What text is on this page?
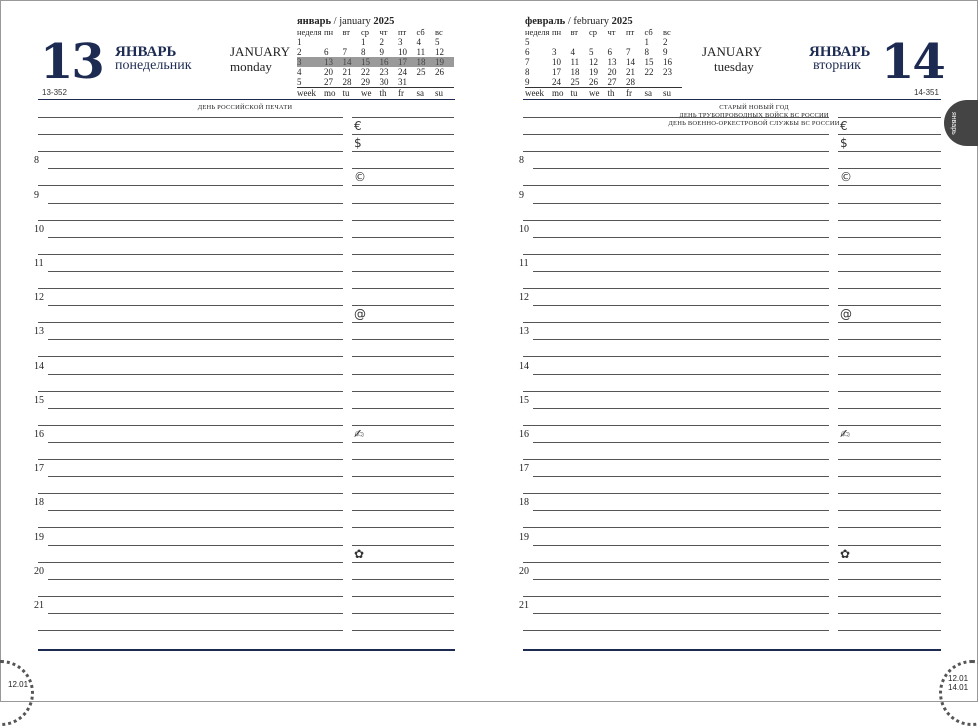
13 ЯНВАРЬ
понедельник
JANUARY
monday
13-352
январь / january 2025
неделя	пн	вт	ср	чт	пт	сб	вс
1			1	2	3	4	5
2	6	7	8	9	10	11	12
3	13	14	15	16	17	18	19
4	20	21	22	23	24	25	26
5	27	28	29	30	31		
week	mo	tu	we	th	fr	sa	su
ДЕНЬ РОССИЙСКОЙ ПЕЧАТИ
€
$
8
©
9
10
11
12
@
13
14
15
✍
16
17
18
19
✿
20
21
12.01
февраль / february 2025
неделя	пн	вт	ср	чт	пт	сб	вс
5						1	2
6	3	4	5	6	7	8	9
7	10	11	12	13	14	15	16
8	17	18	19	20	21	22	23
9	24	25	26	27	28		
week	mo	tu	we	th	fr	sa	su
JANUARY
tuesday
ЯНВАРЬ
вторник 14
14-351
СТАРЫЙ НОВЫЙ ГОД
ДЕНЬ ТРУБОПРОВОДНЫХ ВОЙСК ВС РОССИИ
ДЕНЬ ВОЕННО-ОРКЕСТРОВОЙ СЛУЖБЫ ВС РОССИИ €
$
8
©
9
10
11
12
@
13
14
15
✍
16
17
18
19
✿
20
21
12.01
14.01
январь
